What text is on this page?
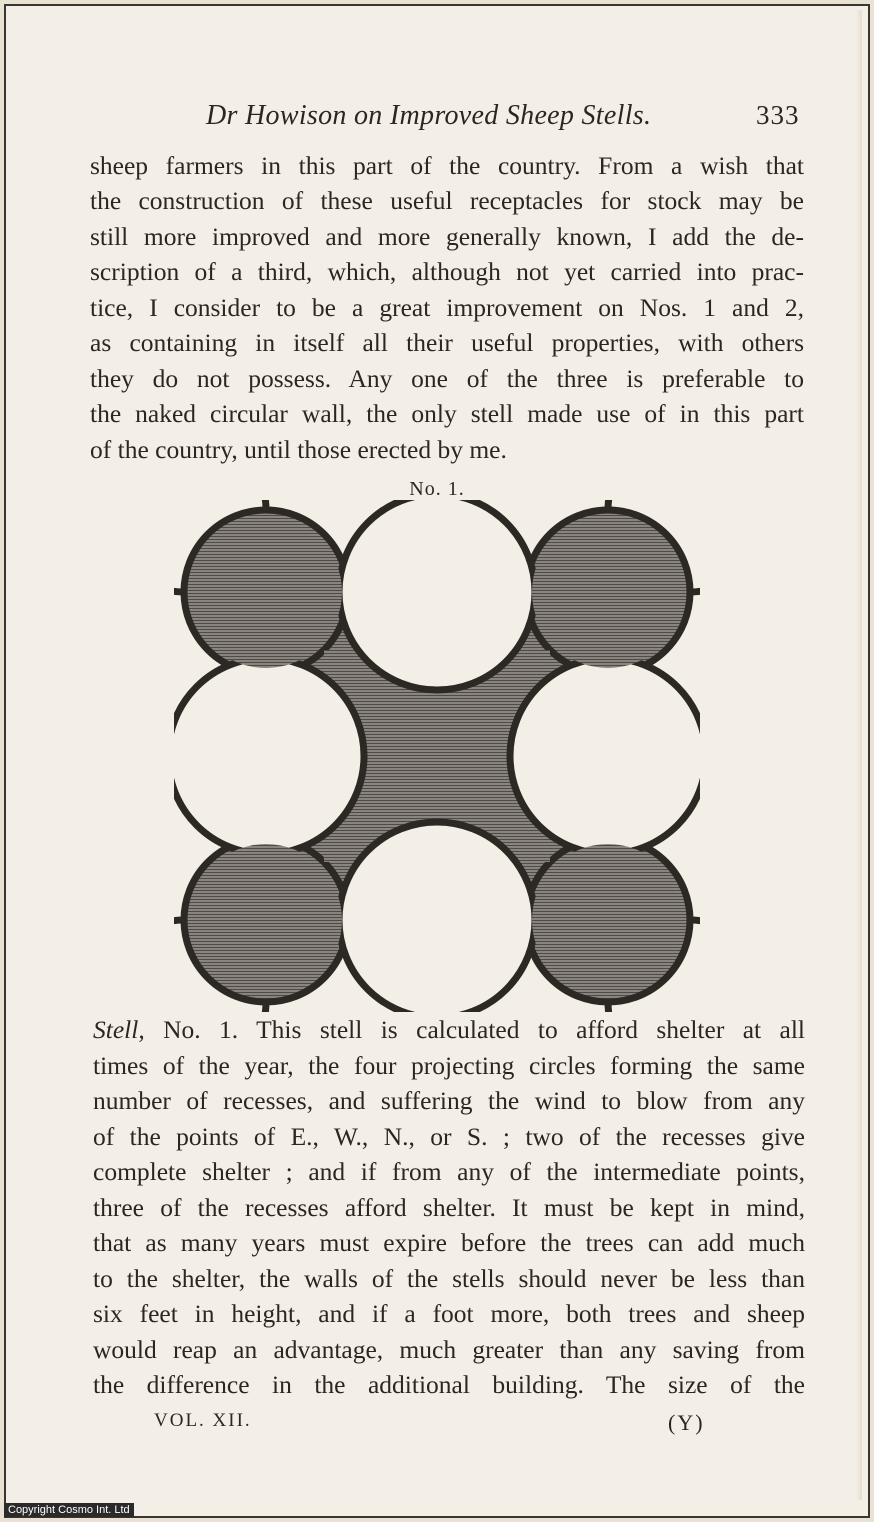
Dr Howison on Improved Sheep Stells.	333

sheep farmers in this part of the country. From a wish that

the construction of these useful receptacles for stock may be

still more improved and more generally known, I add the de-

scription of a third, which, although not yet carried into prac-

tice, I consider to be a great improvement on Nos. 1 and 2,

as containing in itself all their useful properties, with others

they do not possess. Any one of the three is preferable to

the naked circular wall, the only stell made use of in this part

of the country, until those erected by me.

No. 1.

Stell, No. 1. This stell is calculated to afford shelter at all

times of the year, the four projecting circles forming the same

number of recesses, and suffering the wind to blow from any

of the points of E., W., N., or S. ; two of the recesses give

complete shelter ; and if from any of the intermediate points,

three of the recesses afford shelter. It must be kept in mind,

that as many years must expire before the trees can add much

to the shelter, the walls of the stells should never be less than

six feet in height, and if a foot more, both trees and sheep

would reap an advantage, much greater than any saving from

the difference in the additional building. The size of the

VOL. XII.	(Y)
Copyright Cosmo Int. Ltd
